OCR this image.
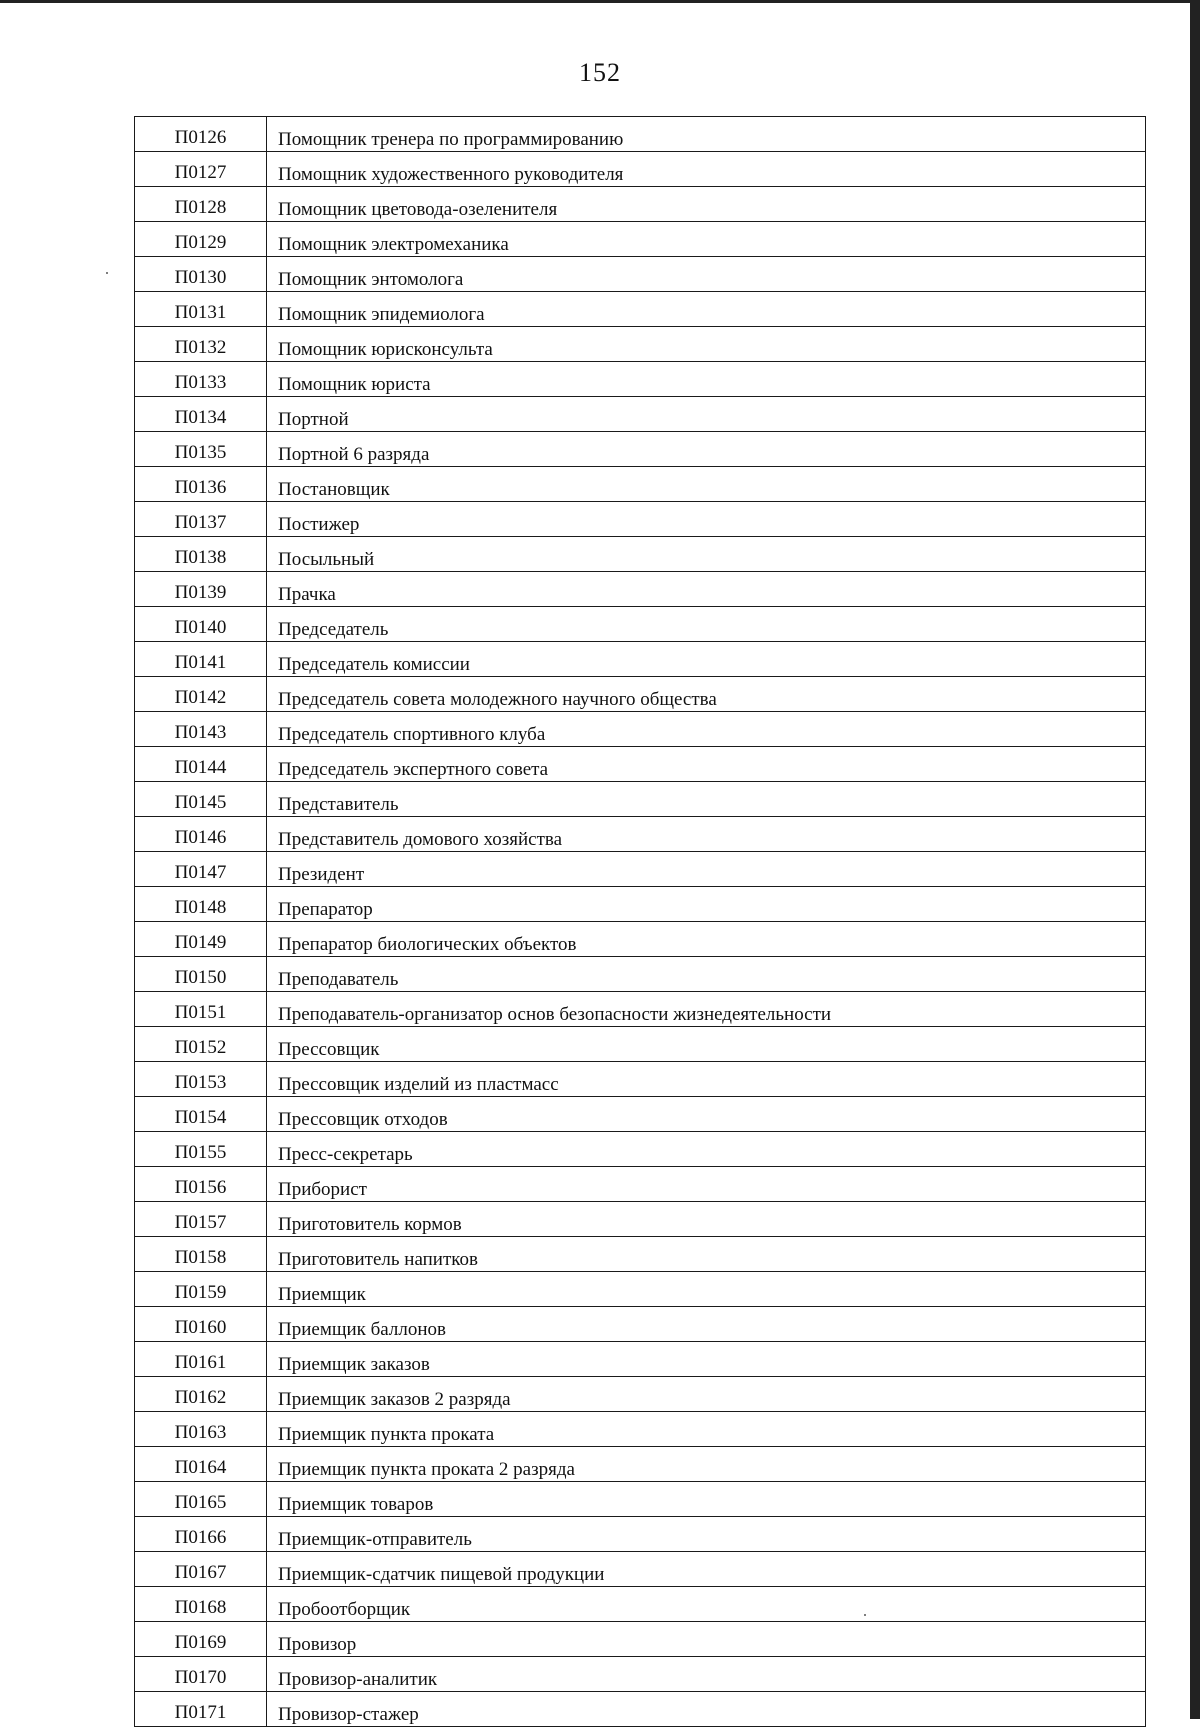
152
П0126	Помощник тренера по программированию
П0127	Помощник художественного руководителя
П0128	Помощник цветовода-озеленителя
П0129	Помощник электромеханика
П0130	Помощник энтомолога
П0131	Помощник эпидемиолога
П0132	Помощник юрисконсульта
П0133	Помощник юриста
П0134	Портной
П0135	Портной 6 разряда
П0136	Постановщик
П0137	Постижер
П0138	Посыльный
П0139	Прачка
П0140	Председатель
П0141	Председатель комиссии
П0142	Председатель совета молодежного научного общества
П0143	Председатель спортивного клуба
П0144	Председатель экспертного совета
П0145	Представитель
П0146	Представитель домового хозяйства
П0147	Президент
П0148	Препаратор
П0149	Препаратор биологических объектов
П0150	Преподаватель
П0151	Преподаватель-организатор основ безопасности жизнедеятельности
П0152	Прессовщик
П0153	Прессовщик изделий из пластмасс
П0154	Прессовщик отходов
П0155	Пресс-секретарь
П0156	Приборист
П0157	Приготовитель кормов
П0158	Приготовитель напитков
П0159	Приемщик
П0160	Приемщик баллонов
П0161	Приемщик заказов
П0162	Приемщик заказов 2 разряда
П0163	Приемщик пункта проката
П0164	Приемщик пункта проката 2 разряда
П0165	Приемщик товаров
П0166	Приемщик-отправитель
П0167	Приемщик-сдатчик пищевой продукции
П0168	Пробоотборщик
П0169	Провизор
П0170	Провизор-аналитик
П0171	Провизор-стажер
